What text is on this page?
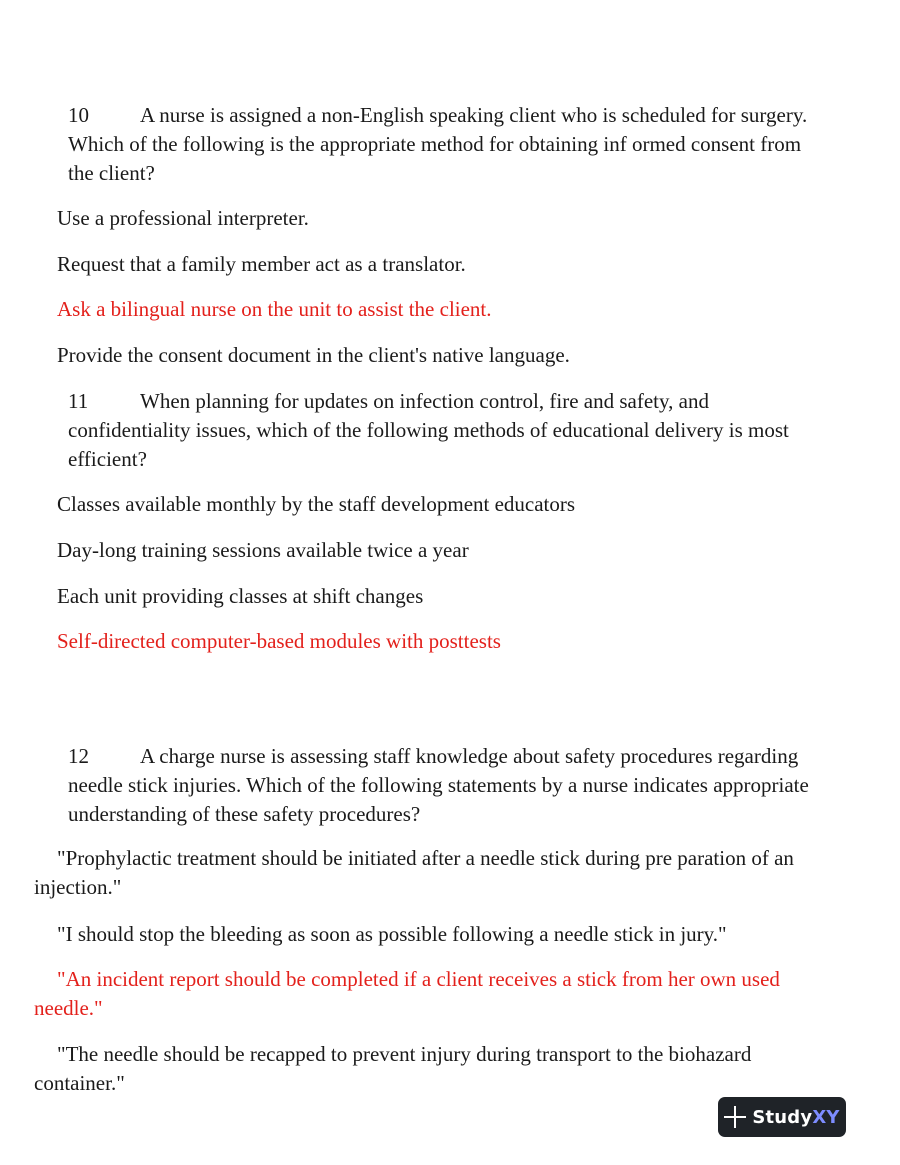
10 A nurse is assigned a non-English speaking client who is scheduled for surgery. Which of the following is the appropriate method for obtaining inf ormed consent from the client?
Use a professional interpreter.
Request that a family member act as a translator.
Ask a bilingual nurse on the unit to assist the client.
Provide the consent document in the client's native language.
11 When planning for updates on infection control, fire and safety, and confidentiality issues, which of the following methods of educational delivery is most efficient?
Classes available monthly by the staff development educators
Day-long training sessions available twice a year
Each unit providing classes at shift changes
Self-directed computer-based modules with posttests
12 A charge nurse is assessing staff knowledge about safety procedures regarding needle stick injuries. Which of the following statements by a nurse indicates appropriate understanding of these safety procedures?
"Prophylactic treatment should be initiated after a needle stick during pre paration of an injection."
"I should stop the bleeding as soon as possible following a needle stick in jury."
"An incident report should be completed if a client receives a stick from her own used needle."
"The needle should be recapped to prevent injury during transport to the biohazard container."
StudyXY
